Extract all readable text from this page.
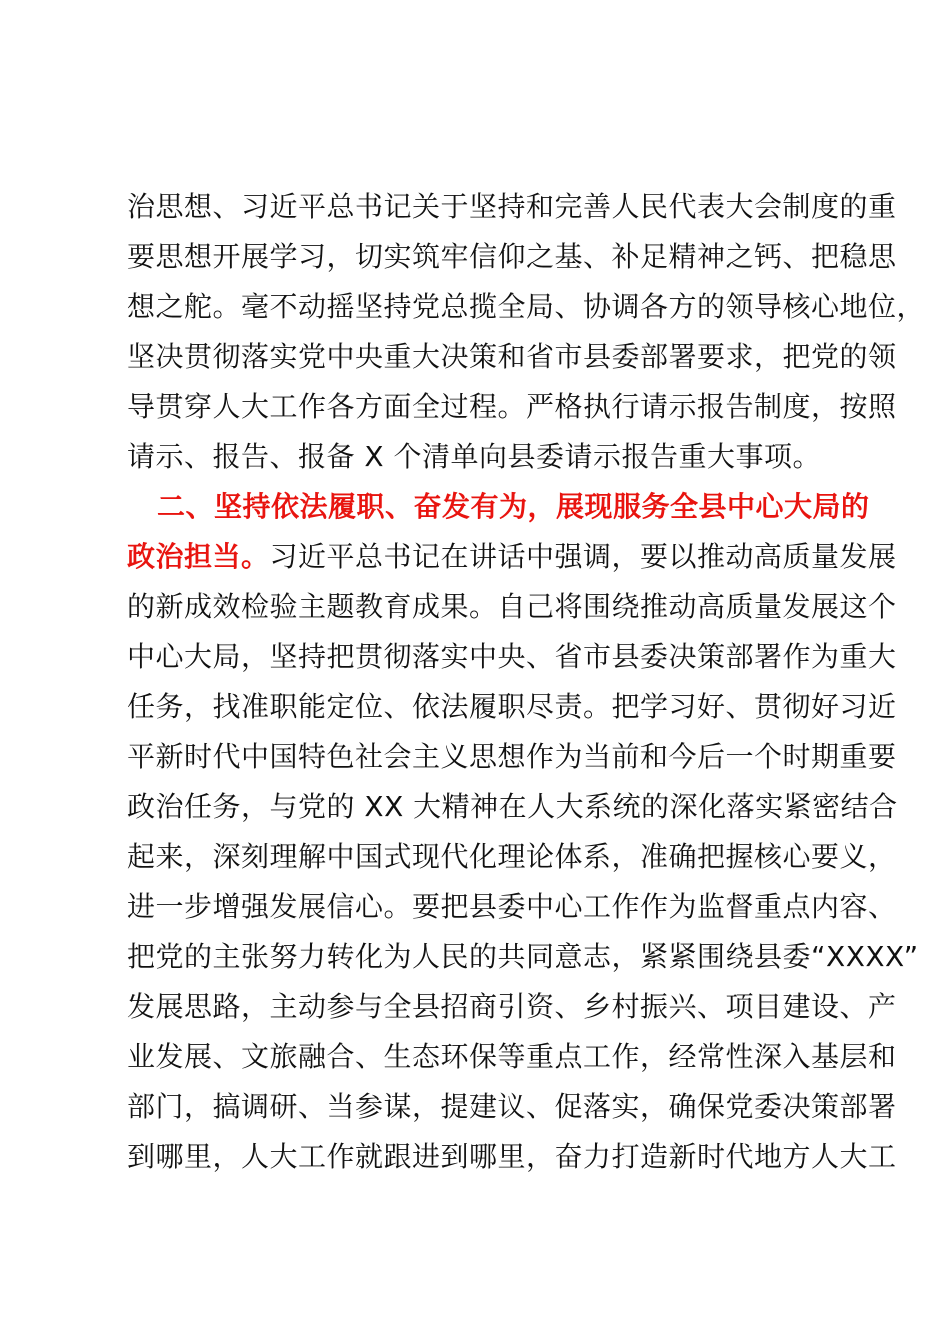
治思想、习近平总书记关于坚持和完善人民代表大会制度的重
要思想开展学习，切实筑牢信仰之基、补足精神之钙、把稳思
想之舵。毫不动摇坚持党总揽全局、协调各方的领导核心地位，
坚决贯彻落实党中央重大决策和省市县委部署要求，把党的领
导贯穿人大工作各方面全过程。严格执行请示报告制度，按照
请示、报告、报备 X 个清单向县委请示报告重大事项。
二、坚持依法履职、奋发有为，展现服务全县中心大局的
政治担当。习近平总书记在讲话中强调，要以推动高质量发展
的新成效检验主题教育成果。自己将围绕推动高质量发展这个
中心大局，坚持把贯彻落实中央、省市县委决策部署作为重大
任务，找准职能定位、依法履职尽责。把学习好、贯彻好习近
平新时代中国特色社会主义思想作为当前和今后一个时期重要
政治任务，与党的 XX 大精神在人大系统的深化落实紧密结合
起来，深刻理解中国式现代化理论体系，准确把握核心要义，
进一步增强发展信心。要把县委中心工作作为监督重点内容、
把党的主张努力转化为人民的共同意志，紧紧围绕县委“XXXX”
发展思路，主动参与全县招商引资、乡村振兴、项目建设、产
业发展、文旅融合、生态环保等重点工作，经常性深入基层和
部门，搞调研、当参谋，提建议、促落实，确保党委决策部署
到哪里，人大工作就跟进到哪里，奋力打造新时代地方人大工
